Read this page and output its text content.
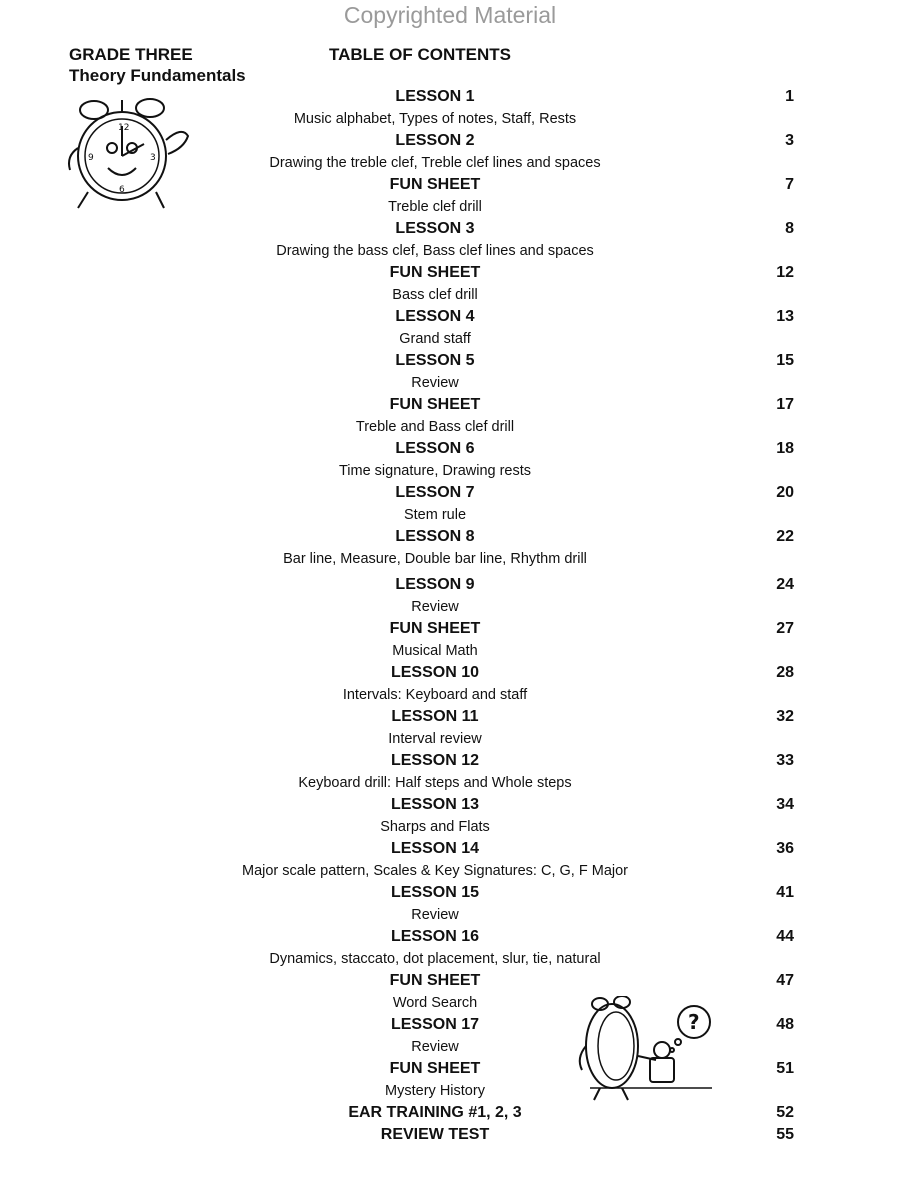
Copyrighted Material
GRADE THREE
Theory Fundamentals
TABLE OF CONTENTS
12
3
6
9
?
LESSON 1
Music alphabet, Types of notes, Staff, Rests
1
LESSON 2
Drawing the treble clef, Treble clef lines and spaces
3
FUN SHEET
Treble clef drill
7
LESSON 3
Drawing the bass clef, Bass clef lines and spaces
8
FUN SHEET
Bass clef drill
12
LESSON 4
Grand staff
13
LESSON 5
Review
15
FUN SHEET
Treble and Bass clef drill
17
LESSON 6
Time signature, Drawing rests
18
LESSON 7
Stem rule
20
LESSON 8
Bar line, Measure, Double bar line, Rhythm drill
22
LESSON 9
Review
24
FUN SHEET
Musical Math
27
LESSON 10
Intervals: Keyboard and staff
28
LESSON 11
Interval review
32
LESSON 12
Keyboard drill: Half steps and Whole steps
33
LESSON 13
Sharps and Flats
34
LESSON 14
Major scale pattern, Scales & Key Signatures: C, G, F Major
36
LESSON 15
Review
41
LESSON 16
Dynamics, staccato, dot placement, slur, tie, natural
44
FUN SHEET
Word Search
47
LESSON 17
Review
48
FUN SHEET
Mystery History
51
EAR TRAINING #1, 2, 3	52
REVIEW TEST	55
